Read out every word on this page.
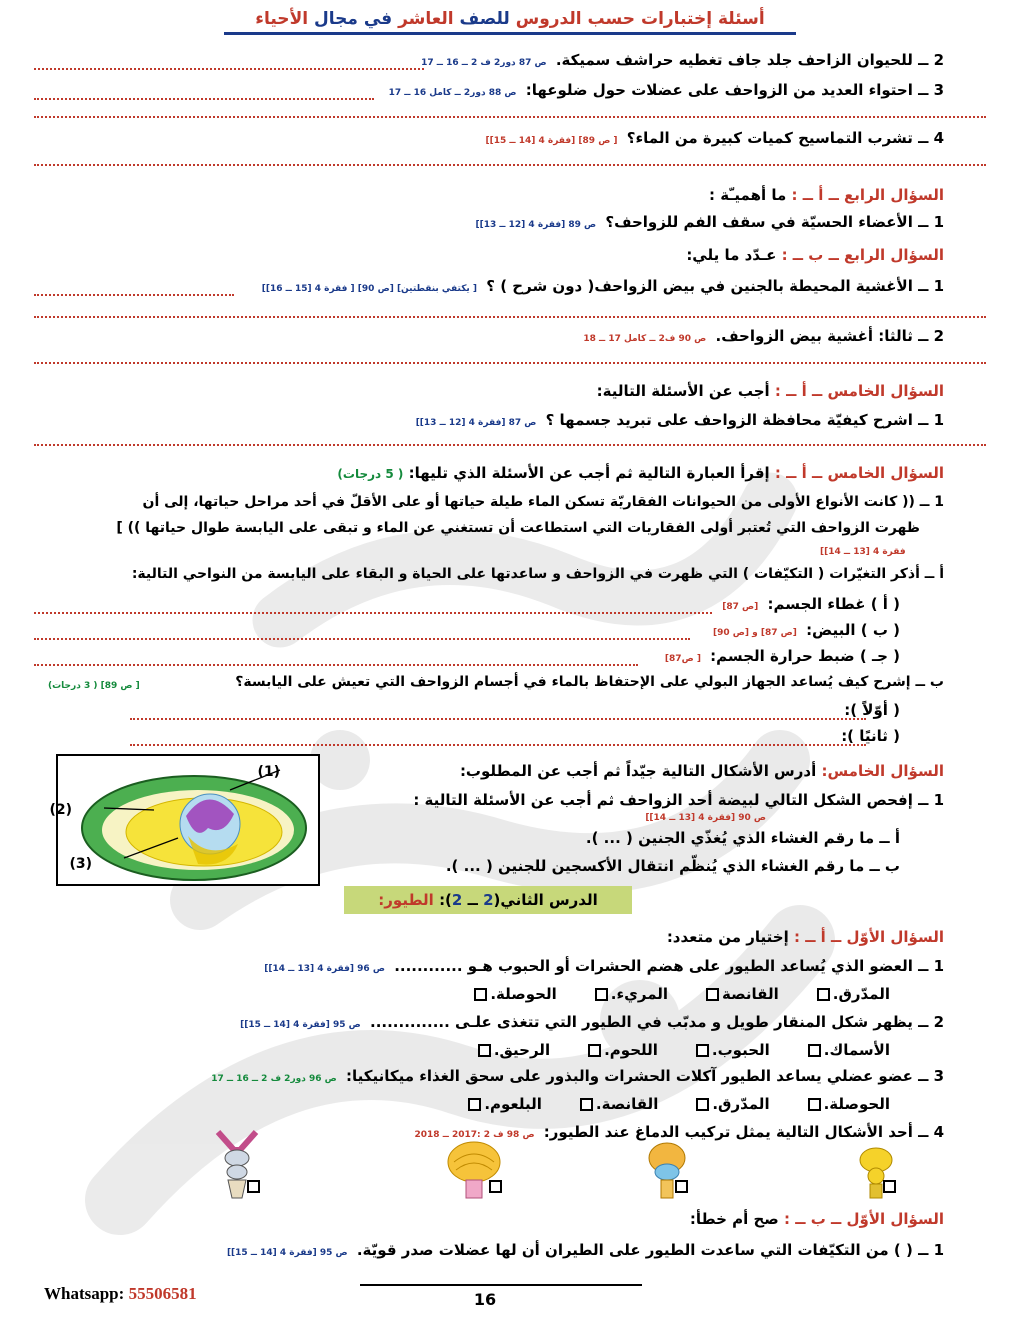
أسئلة إختبارات حسب الدروس للصف العاشر في مجال الأحياء
2 ــ للحيوان الزاحف جلد جاف تغطيه حراشف سميكة. ص 87 دور2 ف 2 ــ 16 ــ 17
3 ــ احتواء العديد من الزواحف على عضلات حول ضلوعها: ص 88 دور2 ــ كامل 16 ــ 17
4 ــ تشرب التماسيح كميات كبيرة من الماء؟ [ ص 89] [فقرة 4 [14 ــ 15]]
السؤال الرابع ــ أ ــ : ما أهميـّة :
1 ــ الأعضاء الحسيّة في سقف الفم للزواحف؟ ص 89 [فقرة 4 [12 ــ 13]]
السؤال الرابع ــ ب ــ : عـدّد ما يلي:
1 ــ الأغشية المحيطة بالجنين في بيض الزواحف( دون شرح ) ؟ [ يكتفي بنقطتين] [ص 90] [ فقرة 4 [15 ــ 16]]
2 ــ ثالثا: أغشية بيض الزواحف. ص 90 ف2 ــ كامل 17 ــ 18
السؤال الخامس ــ أ ــ : أجب عن الأسئلة التالية:
1 ــ اشرح كيفيّة محافظة الزواحف على تبريد جسمها ؟ ص 87 [فقرة 4 [12 ــ 13]]
السؤال الخامس ــ أ ــ : إقرأ العبارة التالية ثم أجب عن الأسئلة الذي تليها: ( 5 درجات)
1 ــ (( كانت الأنواع الأولى من الحيوانات الفقاريّة تسكن الماء طيلة حياتها أو على الأقلّ في أحد مراحل حياتها، إلى أن
ظهرت الزواحف التي تُعتبر أولى الفقاريات التي استطاعت أن تستغني عن الماء و تبقى على اليابسة طوال حياتها )) ]
فقرة 4 [13 ــ 14]]
أ ــ أذكر التغيّرات ( التكيّفات ) التي ظهرت في الزواحف و ساعدتها على الحياة و البقاء على اليابسة من النواحي التالية:
( أ ) غطاء الجسم: [ص 87]
( ب ) البيض: [ص 87] و [ص 90]
( جـ ) ضبط حرارة الجسم: [ ص87]
ب ــ إشرح كيف يُساعد الجهاز البولي على الإحتفاظ بالماء في أجسام الزواحف التي تعيش على اليابسة؟
[ ص 89] ( 3 درجات)
( أوّلاً ):
( ثانيًا ):
السؤال الخامس: أدرس الأشكال التالية جيّداً ثم أجب عن المطلوب:
1 ــ إفحص الشكل التالي لبيضة أحد الزواحف ثم أجب عن الأسئلة التالية :
ص 90 [فقرة 4 [13 ــ 14]]
أ ــ ما رقم الغشاء الذي يُغذّي الجنين ( ... ).
ب ــ ما رقم الغشاء الذي يُنظّم انتقال الأكسجين للجنين ( ... ).
(1)
(2)
(3)
الدرس الثاني(
2

ــ

2
):

الطيور:
السؤال الأوّل ــ أ ــ : إختيار من متعدد:
1 ــ العضو الذي يُساعد الطيور على هضم الحشرات أو الحبوب هـو ............ ص 96 [فقرة 4 [13 ــ 14]]
المدّرق.
القانصة
المريء.
الحوصلة.
2 ــ يظهر شكل المنقار طويل و مدبّب في الطيور التي تتغذى علـى .............. ص 95 [فقرة 4 [14 ــ 15]]
الأسماك.
الحبوب.
اللحوم.
الرحيق.
3 ــ عضو عضلي يساعد الطيور آكلات الحشرات والبذور على سحق الغذاء ميكانيكيا: ص 96 دور2 ف 2 ــ 16 ــ 17
الحوصلة.
المدّرق.
القانصة.
البلعوم.
4 ــ أحد الأشكال التالية يمثل تركيب الدماغ عند الطيور: ص 98 ف 2 :2017 ــ 2018
السؤال الأوّل ــ ب ــ : صح أم خطأ:
1 ــ ( ) من التكيّفات التي ساعدت الطيور على الطيران أن لها عضلات صدر قويّة. ص 95 [فقرة 4 [14 ــ 15]]
Whatsapp: 55506581	16
